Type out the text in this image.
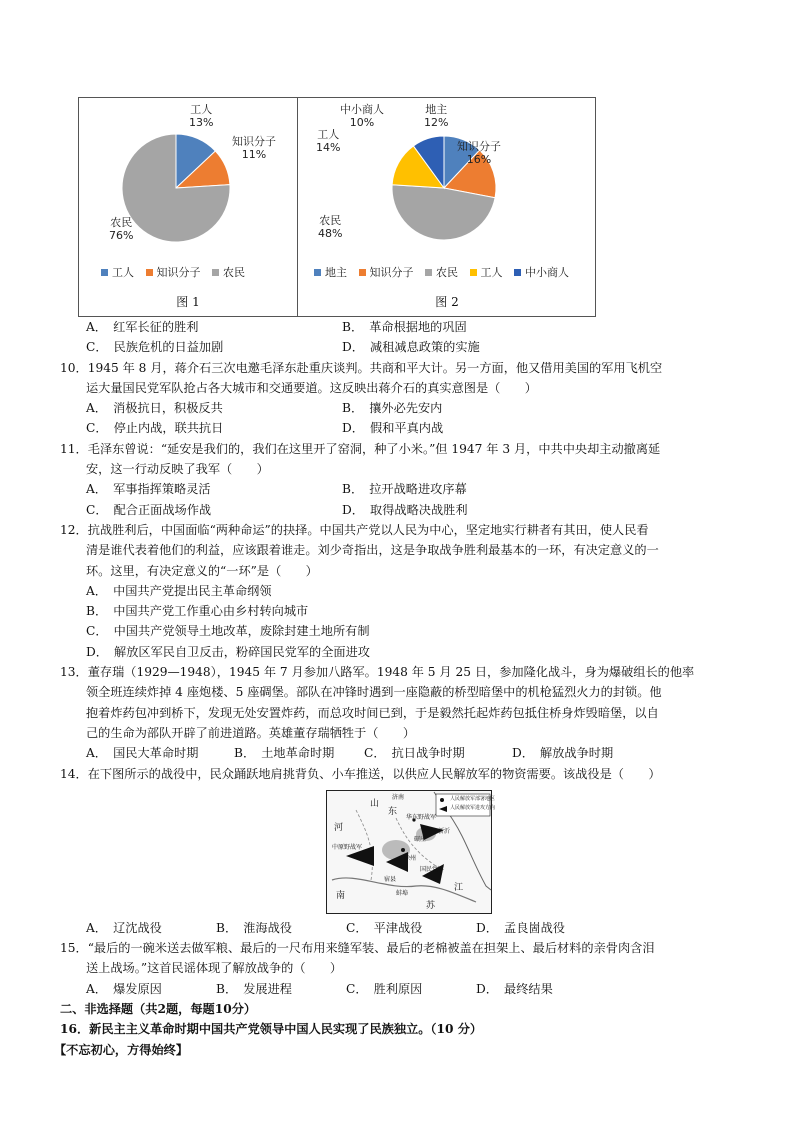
工人
13%
知识分子
11%
农民
76%
工人 知识分子 农民
图 1
中小商人
10%
地主
12%
工人
14%	知识分子
16%
农民
48%
地主 知识分子 农民 工人 中小商人
图 2
A．　红军长征的胜利	B．　革命根据地的巩固
C．　民族危机的日益加剧	D．　减租减息政策的实施
10．1945 年 8 月，蒋介石三次电邀毛泽东赴重庆谈判。共商和平大计。另一方面，他又借用美国的军用飞机空
运大量国民党军队抢占各大城市和交通要道。这反映出蒋介石的真实意图是（　　）
A．　消极抗日，积极反共	B．　攘外必先安内
C．　停止内战，联共抗日	D．　假和平真内战
11．毛泽东曾说：“延安是我们的，我们在这里开了窑洞，种了小米。”但 1947 年 3 月，中共中央却主动撤离延
安，这一行动反映了我军（　　）
A．　军事指挥策略灵活	B．　拉开战略进攻序幕
C．　配合正面战场作战	D．　取得战略决战胜利
12．抗战胜利后，中国面临“两种命运”的抉择。中国共产党以人民为中心，坚定地实行耕者有其田，使人民看
清是谁代表着他们的利益，应该跟着谁走。刘少奇指出，这是争取战争胜利最基本的一环，有决定意义的一
环。这里，有决定意义的“一环”是（　　）
A．　中国共产党提出民主革命纲领
B．　中国共产党工作重心由乡村转向城市
C．　中国共产党领导土地改革，废除封建土地所有制
D．　解放区军民自卫反击，粉碎国民党军的全面进攻
13．董存瑞（1929—1948），1945 年 7 月参加八路军。1948 年 5 月 25 日，参加隆化战斗，身为爆破组长的他率
领全班连续炸掉 4 座炮楼、5 座碉堡。部队在冲锋时遇到一座隐蔽的桥型暗堡中的机枪猛烈火力的封锁。他
抱着炸药包冲到桥下，发现无处安置炸药，而总攻时间已到，于是毅然托起炸药包抵住桥身炸毁暗堡，以自
己的生命为部队开辟了前进道路。英雄董存瑞牺牲于（　　）
A．　国民大革命时期	B．　土地革命时期 C．　抗日战争时期	D．　解放战争时期
14．在下图所示的战役中，民众踊跃地肩挑背负、小车推送，以供应人民解放军的物资需要。该战役是（　　）
人民解放军部署地区
人民解放军进攻方向
山
东
济南
华东野战军
新沂
碾庄
徐州
宿县
蚌埠
中原野战军
河
南
江
苏
国民党军
A．　辽沈战役	B．　淮海战役	C．　平津战役	D．　孟良崮战役
15．“最后的一碗米送去做军粮、最后的一尺布用来缝军装、最后的老棉被盖在担架上、最后材料的亲骨肉含泪
送上战场。”这首民谣体现了解放战争的（　　）
A．　爆发原因	B．　发展进程	C．　胜利原因	D．　最终结果
二、非选择题（共2题，每题10分）
16．新民主主义革命时期中国共产党领导中国人民实现了民族独立。（10 分）
【不忘初心，方得始终】
